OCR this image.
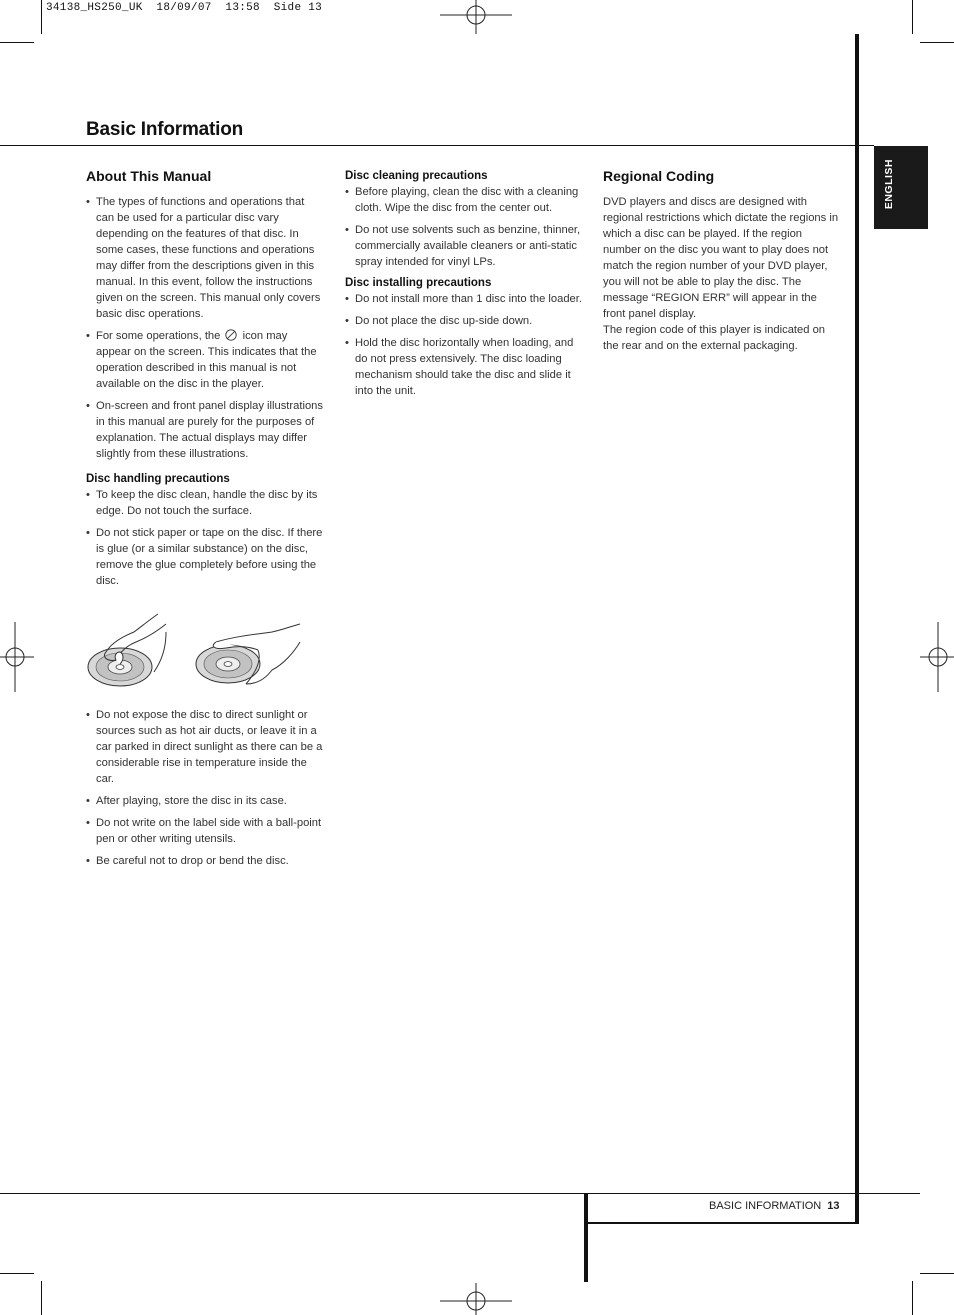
34138_HS250_UK  18/09/07  13:58  Side 13
ENGLISH
Basic Information
About This Manual
• The types of functions and operations that can be used for a particular disc vary depending on the features of that disc. In some cases, these functions and operations may differ from the descriptions given in this manual. In this event, follow the instructions given on the screen. This manual only covers basic disc operations.
• For some operations, the icon may appear on the screen. This indicates that the operation described in this manual is not available on the disc in the player.
• On-screen and front panel display illustrations in this manual are purely for the purposes of explanation. The actual displays may differ slightly from these illustrations.
Disc handling precautions
• To keep the disc clean, handle the disc by its edge. Do not touch the surface.
• Do not stick paper or tape on the disc. If there is glue (or a similar substance) on the disc, remove the glue completely before using the disc.
• Do not expose the disc to direct sunlight or sources such as hot air ducts, or leave it in a car parked in direct sunlight as there can be a considerable rise in temperature inside the car.
• After playing, store the disc in its case.
• Do not write on the label side with a ball-point pen or other writing utensils.
• Be careful not to drop or bend the disc.
Disc cleaning precautions
• Before playing, clean the disc with a cleaning cloth. Wipe the disc from the center out.
• Do not use solvents such as benzine, thinner, commercially available cleaners or anti-static spray intended for vinyl LPs.
Disc installing precautions
• Do not install more than 1 disc into the loader.
• Do not place the disc up-side down.
• Hold the disc horizontally when loading, and do not press extensively. The disc loading mechanism should take the disc and slide it into the unit.
Regional Coding

DVD players and discs are designed with regional restrictions which dictate the regions in which a disc can be played. If the region number on the disc you want to play does not match the region number of your DVD player, you will not be able to play the disc. The message “REGION ERR” will appear in the front panel display.

The region code of this player is indicated on the rear and on the external packaging.

BASIC INFORMATION 13
